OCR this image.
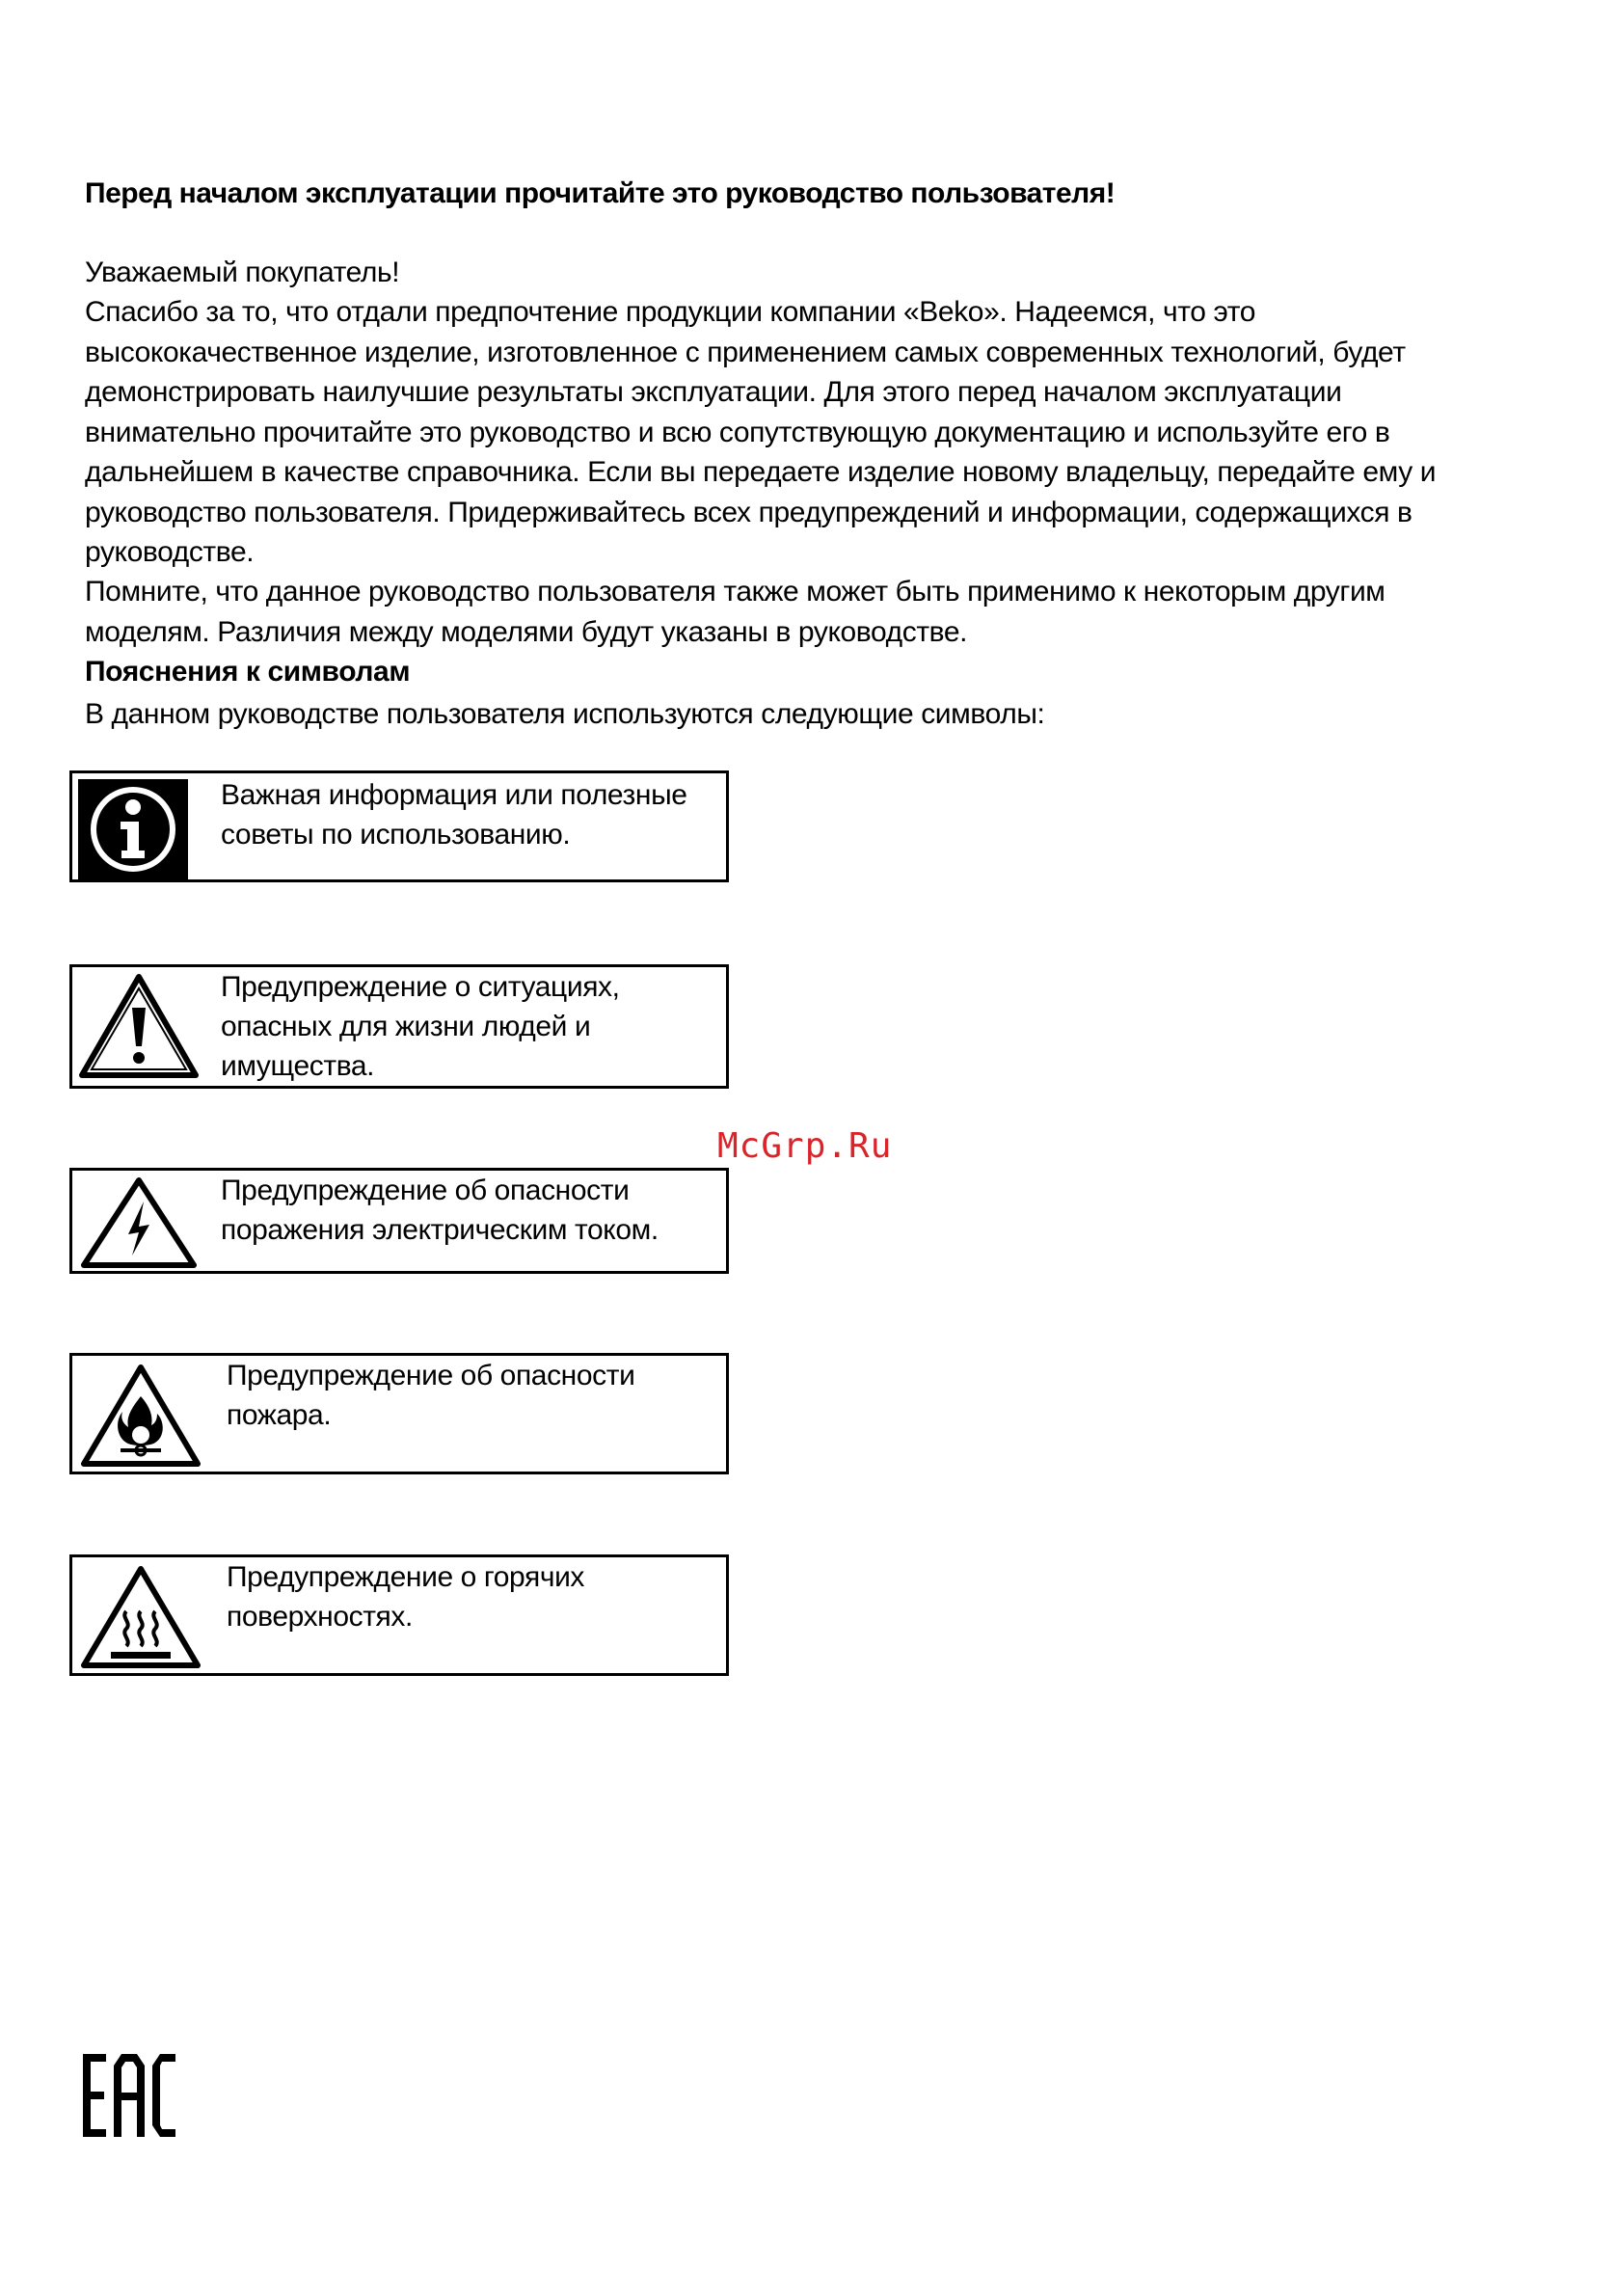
Перед началом эксплуатации прочитайте это руководство пользователя!

Уважаемый покупатель!

Спасибо за то, что отдали предпочтение продукции компании «Beko». Надеемся, что это высококачественное изделие, изготовленное с применением самых современных технологий, будет демонстрировать наилучшие результаты эксплуатации. Для этого перед началом эксплуатации внимательно прочитайте это руководство и всю сопутствующую документацию и используйте его в дальнейшем в качестве справочника. Если вы передаете изделие новому владельцу, передайте ему и руководство пользователя. Придерживайтесь всех предупреждений и информации, содержащихся в руководстве.

Помните, что данное руководство пользователя также может быть применимо к некоторым другим моделям. Различия между моделями будут указаны в руководстве.

Пояснения к символам

В данном руководстве пользователя используются следующие символы:

Важная информация или полезные советы по использованию.

Предупреждение о ситуациях, опасных для жизни людей и имущества.

Предупреждение об опасности поражения электрическим током.

Предупреждение об опасности пожара.

Предупреждение о горячих поверхностях.

McGrp.Ru
